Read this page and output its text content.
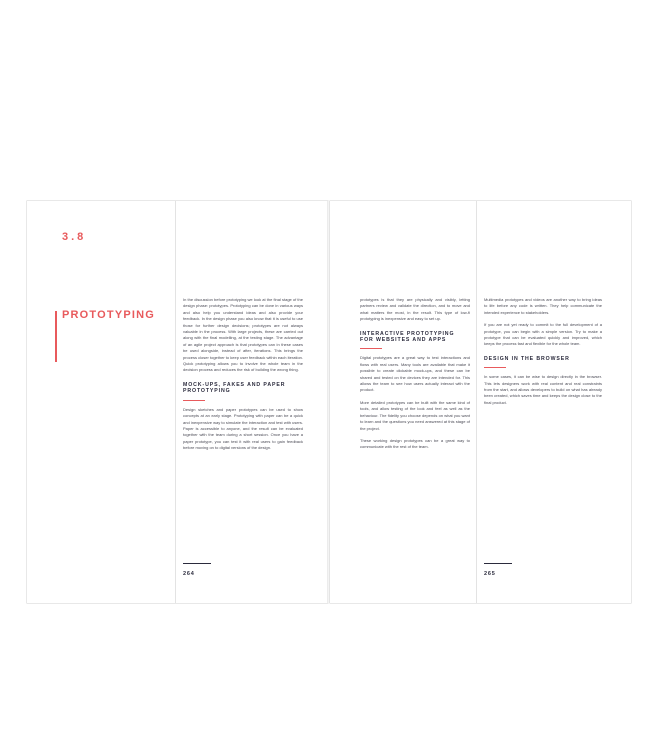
3.8
PROTOTYPING

In the discussion before prototyping we look at the final stage of the design phase: prototypes. Prototyping can be done in various ways and also help you understand ideas and also provide your feedback. In the design phase you also know that it is useful to use those for further design decisions; prototypes are not always valuable in the process. With large projects, these are carried out along with the final modelling, at the testing stage. The advantage of an agile project approach is that prototypes can in these cases be used alongside, instead of after, iterations. This brings the process closer together to keep user feedback within each iteration. Quick prototyping allows you to involve the whole team in the decision process and reduces the risk of building the wrong thing.

MOCK-UPS, FAKES AND PAPER PROTOTYPING

Design sketches and paper prototypes can be used to show concepts at an early stage. Prototyping with paper can be a quick and inexpensive way to simulate the interaction and test with users. Paper is accessible to anyone, and the result can be evaluated together with the team during a short session. Once you have a paper prototype, you can test it with real users to gain feedback before moving on to digital versions of the design.

264

prototypes is that they are physically and visibly, letting partners review and validate the direction, and to move and what matters the most, in the result. This type of low-fi prototyping is inexpensive and easy to set up.

INTERACTIVE PROTOTYPING FOR WEBSITES AND APPS

Digital prototypes are a great way to test interactions and flows with real users. Many tools are available that make it possible to create clickable mock-ups, and these can be shared and tested on the devices they are intended for. This allows the team to see how users actually interact with the product.

More detailed prototypes can be built with the same kind of tools, and allow testing of the look and feel as well as the behaviour. The fidelity you choose depends on what you want to learn and the questions you need answered at this stage of the project.

These working design prototypes can be a great way to communicate with the rest of the team.

Multimedia prototypes and videos are another way to bring ideas to life before any code is written. They help communicate the intended experience to stakeholders.

If you are not yet ready to commit to the full development of a prototype, you can begin with a simple version. Try to make a prototype that can be evaluated quickly and improved, which keeps the process fast and flexible for the whole team.

DESIGN IN THE BROWSER

In some cases, it can be wise to design directly in the browser. This lets designers work with real content and real constraints from the start, and allows developers to build on what has already been created, which saves time and keeps the design close to the final product.

265
